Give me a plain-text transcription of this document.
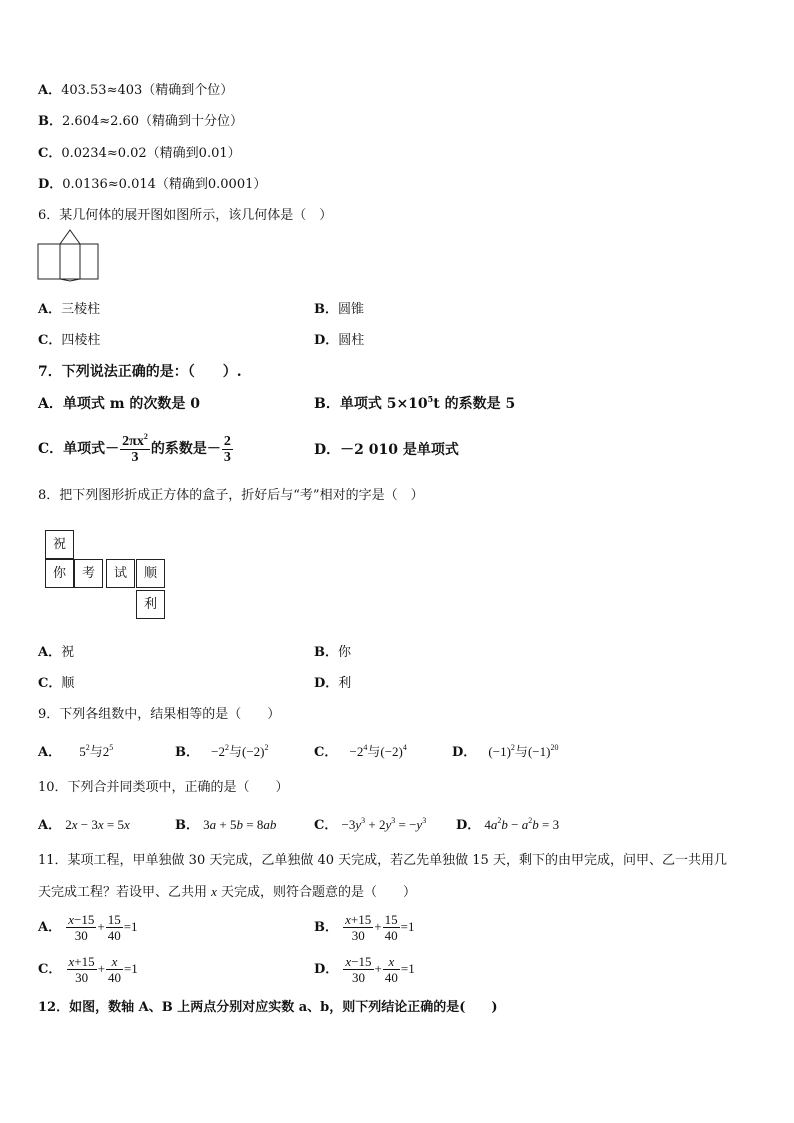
A．403.53≈403（精确到个位）
B．2.604≈2.60（精确到十分位）
C．0.0234≈0.02（精确到0.01）
D．0.0136≈0.014（精确到0.0001）
6．某几何体的展开图如图所示，该几何体是（　）
A．三棱柱	B．圆锥
C．四棱柱	D．圆柱
7．下列说法正确的是：（　　）.
A．单项式 m 的次数是 0	B．单项式 $5\times 10^5t$ 的系数是 5
C．单项式－ $\frac{2\pi x^2}{3}$ 的系数是－ $\frac{2}{3}$	D．－2 010 是单项式
8．把下列图形折成正方体的盒子，折好后与“考”相对的字是（　）
祝
你	考	试	顺
利
A．祝	B．你
C．顺	D．利
9．下列各组数中，结果相等的是（　　）
A． $5^2$与$2^5$	B． $-2^2$与$(-2)^2$	C． $-2^4$与$(-2)^4$	D． $(-1)^2$与$(-1)^{20}$
10．下列合并同类项中，正确的是（　　）
A． 2x − 3x = 5x	B． 3a + 5b = 8ab	C． $-3y^3 + 2y^3 = -y^3$ D． $4a^2b - a^2b = 3$
11．某项工程，甲单独做 30 天完成，乙单独做 40 天完成，若乙先单独做 15 天，剩下的由甲完成，问甲、乙一共用几
天完成工程？若设甲、乙共用 x 天完成，则符合题意的是（　　）
A． $\frac{x-15}{30} + \frac{15}{40} =1$	B． $\frac{x+15}{30} + \frac{15}{40} =1$
C． $\frac{x+15}{30} + \frac{x}{40} =1$	D． $\frac{x-15}{30} + \frac{x}{40} =1$
12．如图，数轴 A、B 上两点分别对应实数 a、b，则下列结论正确的是(　　)
